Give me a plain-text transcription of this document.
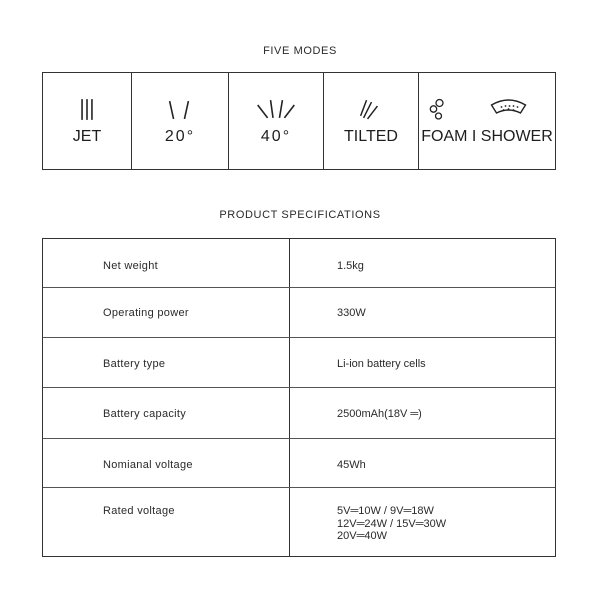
FIVE MODES
JET	20°	40°	TILTED	FOAM I SHOWER
PRODUCT SPECIFICATIONS
Net weight	1.5kg
Operating power	330W
Battery type	Li-ion battery cells
Battery capacity	2500mAh(18V ═)
Nomianal voltage	45Wh
Rated voltage	5V═10W / 9V═18W
12V═24W / 15V═30W
20V═40W
